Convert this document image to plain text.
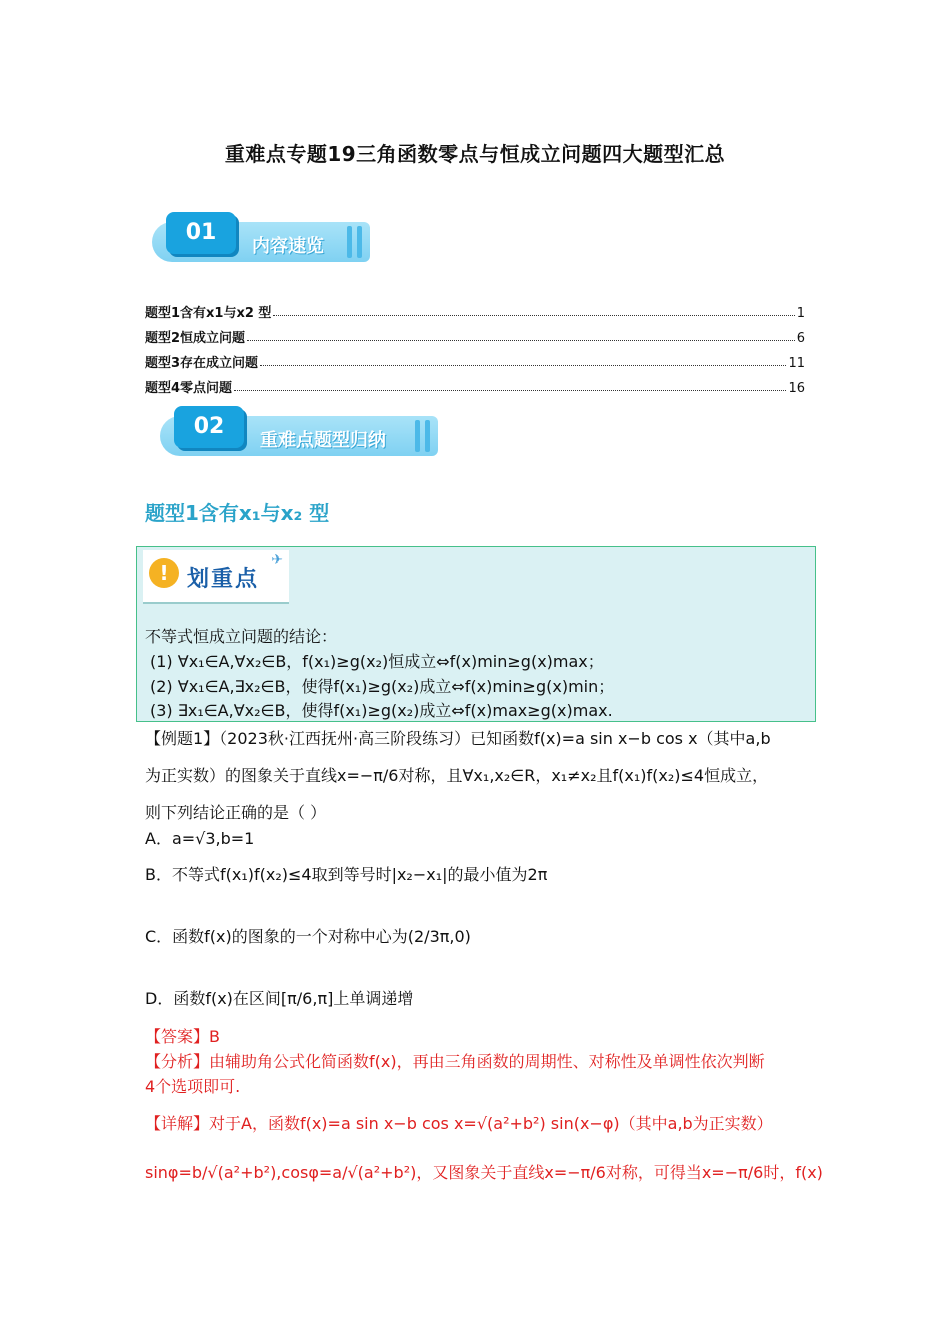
重难点专题19三角函数零点与恒成立问题四大题型汇总
01
内容速览
题型1含有x1与x2 型	1
题型2恒成立问题	6
题型3存在成立问题	11
题型4零点问题	16
02
重难点题型归纳
题型1含有x₁与x₂ 型
! 划重点
✈
不等式恒成立问题的结论：
(1) ∀x₁∈A,∀x₂∈B，f(x₁)≥g(x₂)恒成立⇔f(x)min≥g(x)max；
(2) ∀x₁∈A,∃x₂∈B，使得f(x₁)≥g(x₂)成立⇔f(x)min≥g(x)min；
(3) ∃x₁∈A,∀x₂∈B，使得f(x₁)≥g(x₂)成立⇔f(x)max≥g(x)max.
【例题1】（2023秋·江西抚州·高三阶段练习）已知函数f(x)=a sin x−b cos x（其中a,b
为正实数）的图象关于直线x=−π/6对称，且∀x₁,x₂∈R，x₁≠x₂且f(x₁)f(x₂)≤4恒成立，
则下列结论正确的是（ ）
A．a=√3,b=1
B．不等式f(x₁)f(x₂)≤4取到等号时|x₂−x₁|的最小值为2π
C．函数f(x)的图象的一个对称中心为(2/3π,0)
D．函数f(x)在区间[π/6,π]上单调递增
【答案】B
【分析】由辅助角公式化简函数f(x)，再由三角函数的周期性、对称性及单调性依次判断
4个选项即可.
【详解】对于A，函数f(x)=a sin x−b cos x=√(a²+b²) sin(x−φ)（其中a,b为正实数）
sinφ=b/√(a²+b²),cosφ=a/√(a²+b²)，又图象关于直线x=−π/6对称，可得当x=−π/6时，f(x)
